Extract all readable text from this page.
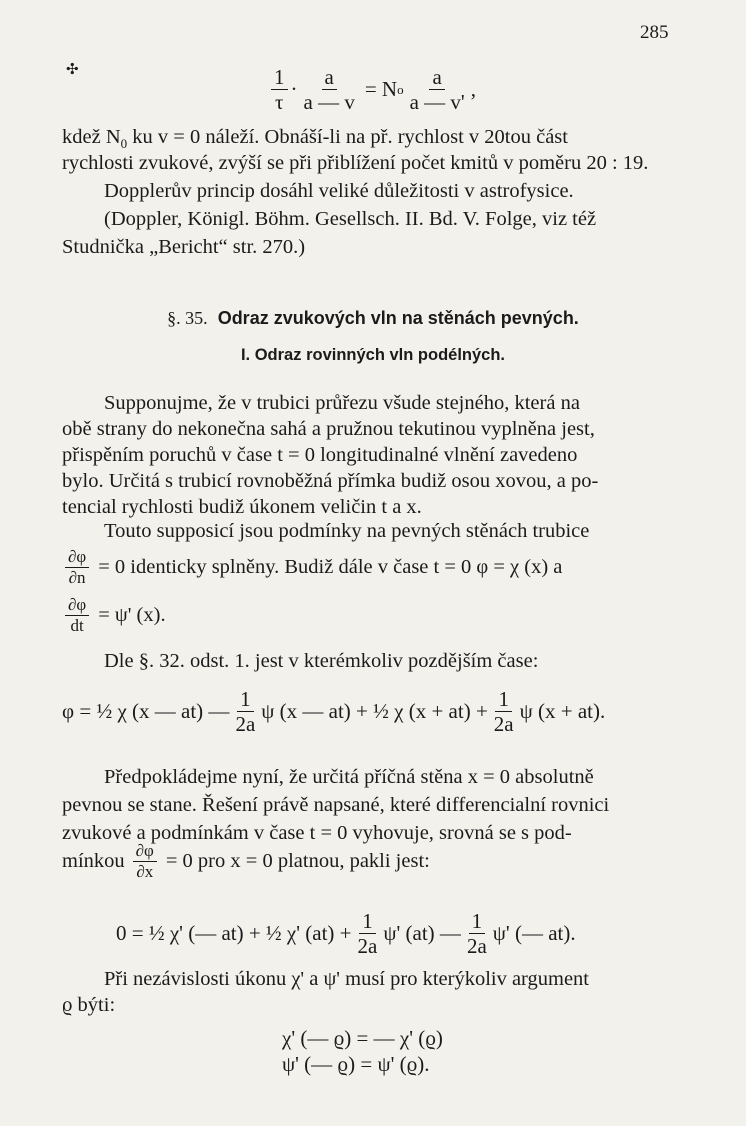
285
✣	$\frac{1}{\tau} \cdot \frac{a}{a — v} = N$ o $\frac{a}{a — v'}$ ,
kdež $N_0$ ku v = 0 náleží. Obnáší-li na př. rychlost v 20tou část
rychlosti zvukové, zvýší se při přiblížení počet kmitů v poměru 20 : 19.
Dopplerův princip dosáhl veliké důležitosti v astrofysice.
(Doppler, Königl. Böhm. Gesellsch. II. Bd. V. Folge, viz též
Studnička „Bericht“ str. 270.)
§. 35. Odraz zvukových vln na stěnách pevných.
I. Odraz rovinných vln podélných.
Supponujme, že v trubici průřezu všude stejného, která na
obě strany do nekonečna sahá a pružnou tekutinou vyplněna jest,
přispěním poruchů v čase t = 0 longitudinalné vlnění zavedeno
bylo. Určitá s trubicí rovnoběžná přímka budiž osou xovou, a po-
tencial rychlosti budiž úkonem veličin t a x.
Touto supposicí jsou podmínky na pevných stěnách trubice
$\frac{\partial\varphi}{\partial n} = 0$ identicky splněny. Budiž dále v čase t = 0 φ = χ (x) a
$\frac{\partial\varphi}{dt} = \psi'$ (x).
Dle §. 32. odst. 1. jest v kterémkoliv pozdějším čase:
φ = ½ χ (x — at) — $\frac{1}{2a}$ ψ (x — at) + ½ χ $(x + at) + \frac{1}{2a}$ ψ (x + at).
Předpokládejme nyní, že určitá příčná stěna x = 0 absolutně
pevnou se stane. Řešení právě napsané, které differencialní rovnici
zvukové a podmínkám v čase t = 0 vyhovuje, srovná se s pod-
mínkou $\frac{\partial\varphi}{\partial x} = 0$ pro x = 0 platnou, pakli jest:
0 = ½ χ' (— at) + ½ χ' $(at) + \frac{1}{2a} \psi'$ (at) — $\frac{1}{2a} \psi'$ (— at).
Při nezávislosti úkonu χ' a ψ' musí pro kterýkoliv argument
ϱ býti:
χ' (— ϱ) = — χ' (ϱ)
ψ' (— ϱ) = ψ' (ϱ).
